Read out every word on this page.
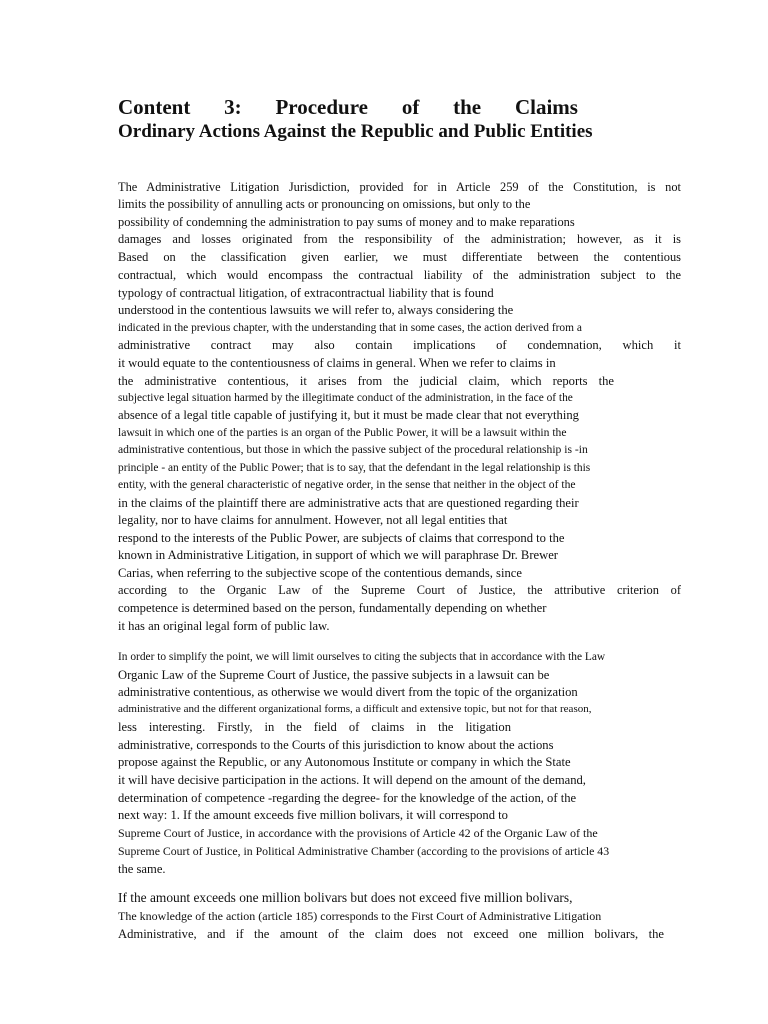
Content 3: Procedure of the Claims
Ordinary Actions Against the Republic and Public Entities
The Administrative Litigation Jurisdiction, provided for in Article 259 of the Constitution, is not
limits the possibility of annulling acts or pronouncing on omissions, but only to the
possibility of condemning the administration to pay sums of money and to make reparations
damages and losses originated from the responsibility of the administration; however, as it is
Based on the classification given earlier, we must differentiate between the contentious
contractual, which would encompass the contractual liability of the administration subject to the
typology of contractual litigation, of extracontractual liability that is found
understood in the contentious lawsuits we will refer to, always considering the
indicated in the previous chapter, with the understanding that in some cases, the action derived from a
administrative contract may also contain implications of condemnation, which it
it would equate to the contentiousness of claims in general. When we refer to claims in
the administrative contentious, it arises from the judicial claim, which reports the
subjective legal situation harmed by the illegitimate conduct of the administration, in the face of the
absence of a legal title capable of justifying it, but it must be made clear that not everything
lawsuit in which one of the parties is an organ of the Public Power, it will be a lawsuit within the
administrative contentious, but those in which the passive subject of the procedural relationship is -in
principle - an entity of the Public Power; that is to say, that the defendant in the legal relationship is this
entity, with the general characteristic of negative order, in the sense that neither in the object of the
in the claims of the plaintiff there are administrative acts that are questioned regarding their
legality, nor to have claims for annulment. However, not all legal entities that
respond to the interests of the Public Power, are subjects of claims that correspond to the
known in Administrative Litigation, in support of which we will paraphrase Dr. Brewer
Carias, when referring to the subjective scope of the contentious demands, since
according to the Organic Law of the Supreme Court of Justice, the attributive criterion of
competence is determined based on the person, fundamentally depending on whether
it has an original legal form of public law.
In order to simplify the point, we will limit ourselves to citing the subjects that in accordance with the Law
Organic Law of the Supreme Court of Justice, the passive subjects in a lawsuit can be
administrative contentious, as otherwise we would divert from the topic of the organization
administrative and the different organizational forms, a difficult and extensive topic, but not for that reason,
less interesting. Firstly, in the field of claims in the litigation
administrative, corresponds to the Courts of this jurisdiction to know about the actions
propose against the Republic, or any Autonomous Institute or company in which the State
it will have decisive participation in the actions. It will depend on the amount of the demand,
determination of competence -regarding the degree- for the knowledge of the action, of the
next way: 1. If the amount exceeds five million bolivars, it will correspond to
Supreme Court of Justice, in accordance with the provisions of Article 42 of the Organic Law of the
Supreme Court of Justice, in Political Administrative Chamber (according to the provisions of article 43
the same.
If the amount exceeds one million bolivars but does not exceed five million bolivars,
The knowledge of the action (article 185) corresponds to the First Court of Administrative Litigation
Administrative, and if the amount of the claim does not exceed one million bolivars, the
